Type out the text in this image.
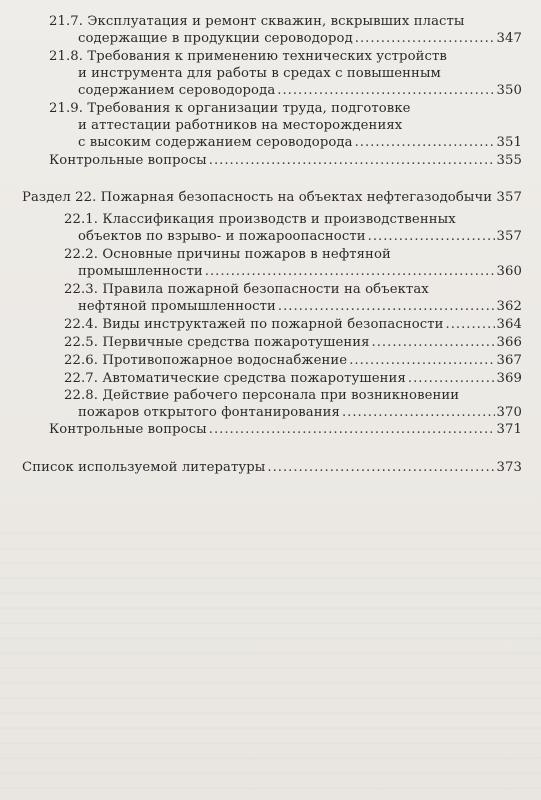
21.7. Эксплуатация и ремонт скважин, вскрывших пласты
содержащие в продукции сероводород .....	347
21.8. Требования к применению технических устройств
и инструмента для работы в средах с повышенным
содержанием сероводорода .....	350
21.9. Требования к организации труда, подготовке
и аттестации работников на месторождениях
с высоким содержанием сероводорода .....	351
Контрольные вопросы .....	355
Раздел 22. Пожарная безопасность на объектах нефтегазодобычи ..... 357
22.1. Классификация производств и производственных
объектов по взрыво- и пожароопасности .....	357
22.2. Основные причины пожаров в нефтяной
промышленности .....	360
22.3. Правила пожарной безопасности на объектах
нефтяной промышленности .....	362
22.4. Виды инструктажей по пожарной безопасности .....	364
22.5. Первичные средства пожаротушения .....	366
22.6. Противопожарное водоснабжение .....	367
22.7. Автоматические средства пожаротушения .....	369
22.8. Действие рабочего персонала при возникновении
пожаров открытого фонтанирования .....	370
Контрольные вопросы .....	371
Список используемой литературы .....	373
